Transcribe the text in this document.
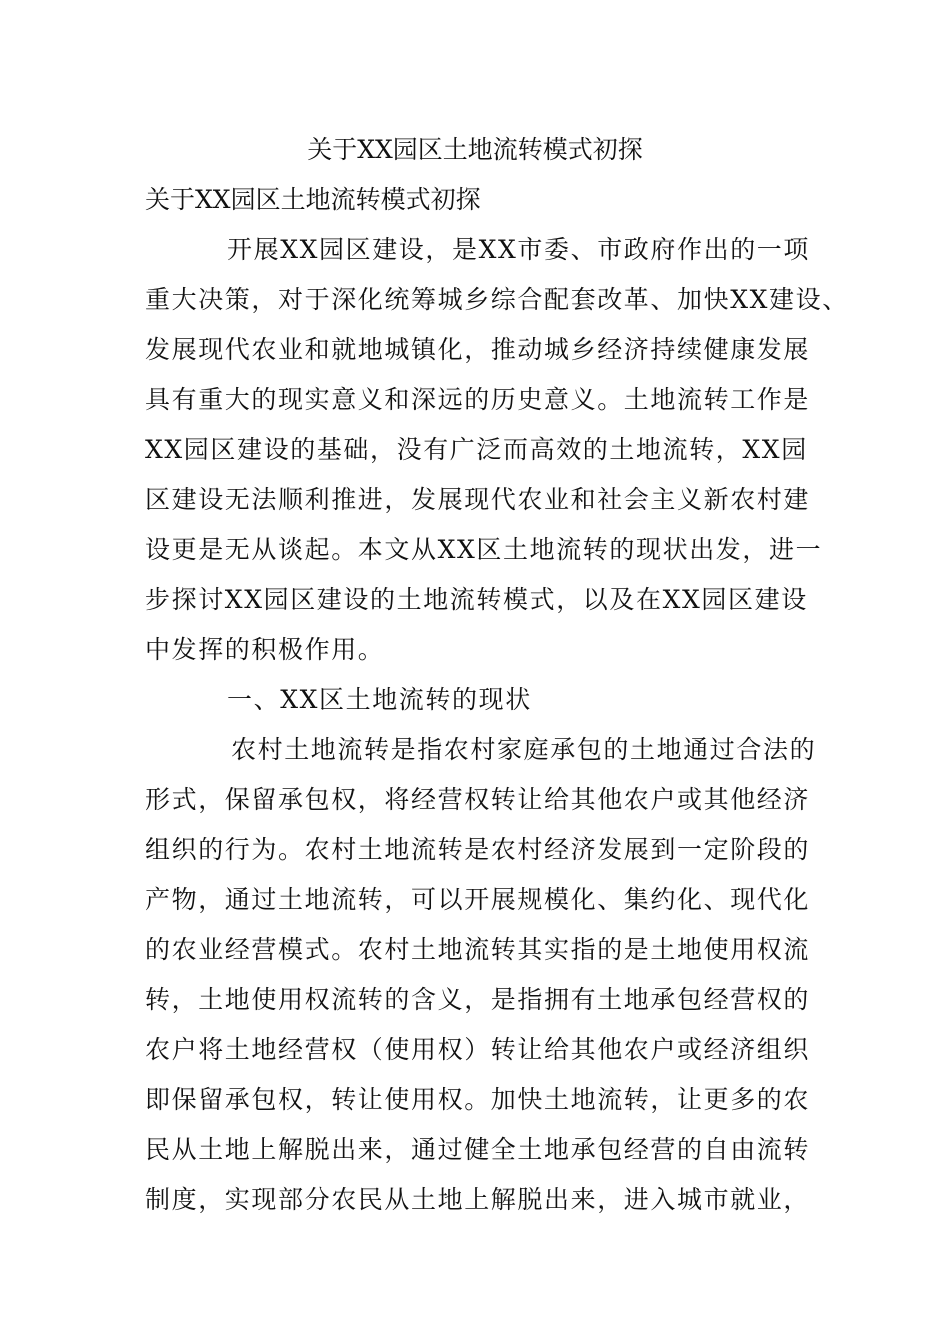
关于XX园区土地流转模式初探
关于XX园区土地流转模式初探
开展XX园区建设，是XX市委、市政府作出的一项
重大决策，对于深化统筹城乡综合配套改革、加快XX建设、
发展现代农业和就地城镇化，推动城乡经济持续健康发展
具有重大的现实意义和深远的历史意义。土地流转工作是
XX园区建设的基础，没有广泛而高效的土地流转，XX园
区建设无法顺利推进，发展现代农业和社会主义新农村建
设更是无从谈起。本文从XX区土地流转的现状出发，进一
步探讨XX园区建设的土地流转模式，以及在XX园区建设
中发挥的积极作用。
一、XX区土地流转的现状
农村土地流转是指农村家庭承包的土地通过合法的
形式，保留承包权，将经营权转让给其他农户或其他经济
组织的行为。农村土地流转是农村经济发展到一定阶段的
产物，通过土地流转，可以开展规模化、集约化、现代化
的农业经营模式。农村土地流转其实指的是土地使用权流
转，土地使用权流转的含义，是指拥有土地承包经营权的
农户将土地经营权（使用权）转让给其他农户或经济组织
即保留承包权，转让使用权。加快土地流转，让更多的农
民从土地上解脱出来，通过健全土地承包经营的自由流转
制度，实现部分农民从土地上解脱出来，进入城市就业，
